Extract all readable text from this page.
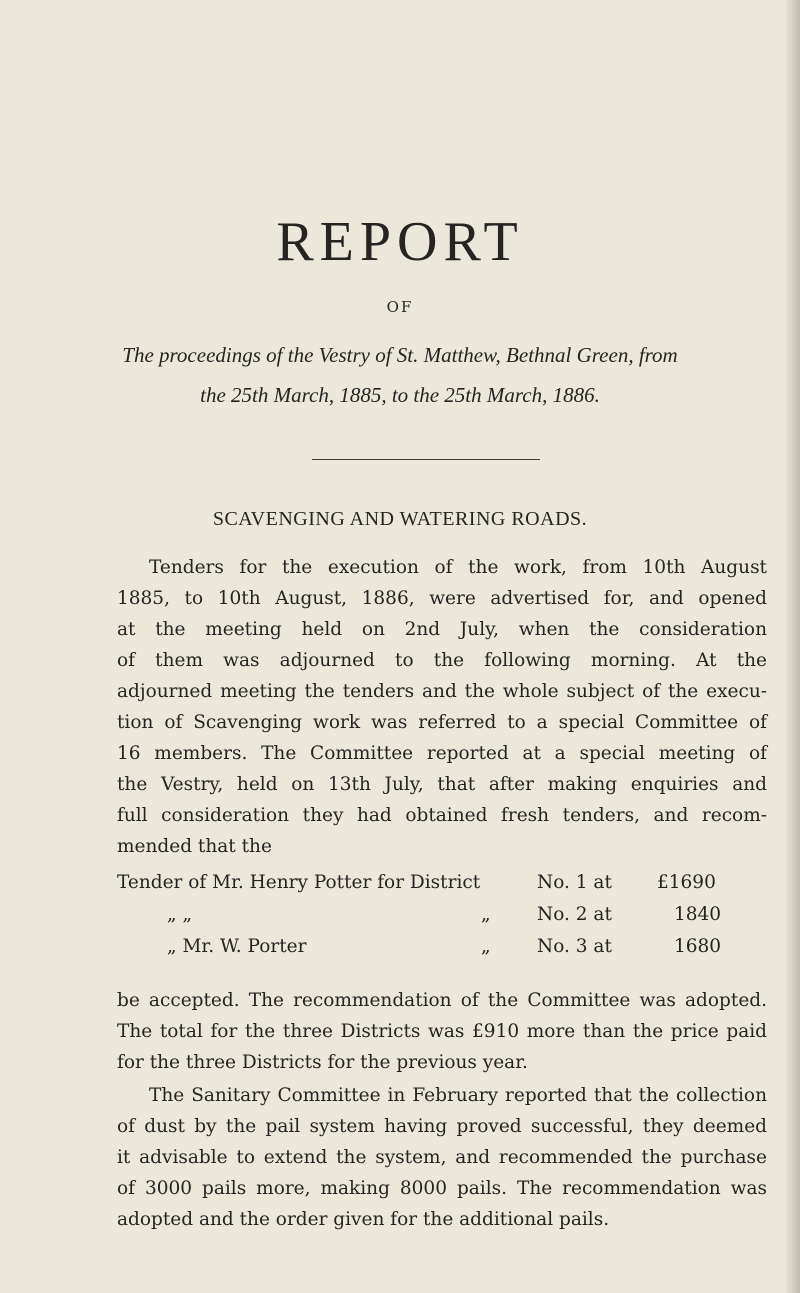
REPORT
OF
The proceedings of the Vestry of St. Matthew, Bethnal Green, from
the 25th March, 1885, to the 25th March, 1886.
SCAVENGING AND WATERING ROADS.
Tenders for the execution of the work, from 10th August
1885, to 10th August, 1886, were advertised for, and opened
at the meeting held on 2nd July, when the consideration
of them was adjourned to the following morning. At the
adjourned meeting the tenders and the whole subject of the execu-
tion of Scavenging work was referred to a special Committee of
16 members. The Committee reported at a special meeting of
the Vestry, held on 13th July, that after making enquiries and
full consideration they had obtained fresh tenders, and recom-
mended that the
Tender of Mr. Henry Potter for District	No. 1 at £1690
„ „	„	No. 2 at	1840
„ Mr. W. Porter	„	No. 3 at	1680
be accepted. The recommendation of the Committee was adopted.
The total for the three Districts was £910 more than the price paid
for the three Districts for the previous year.
The Sanitary Committee in February reported that the collection
of dust by the pail system having proved successful, they deemed
it advisable to extend the system, and recommended the purchase
of 3000 pails more, making 8000 pails. The recommendation was
adopted and the order given for the additional pails.
